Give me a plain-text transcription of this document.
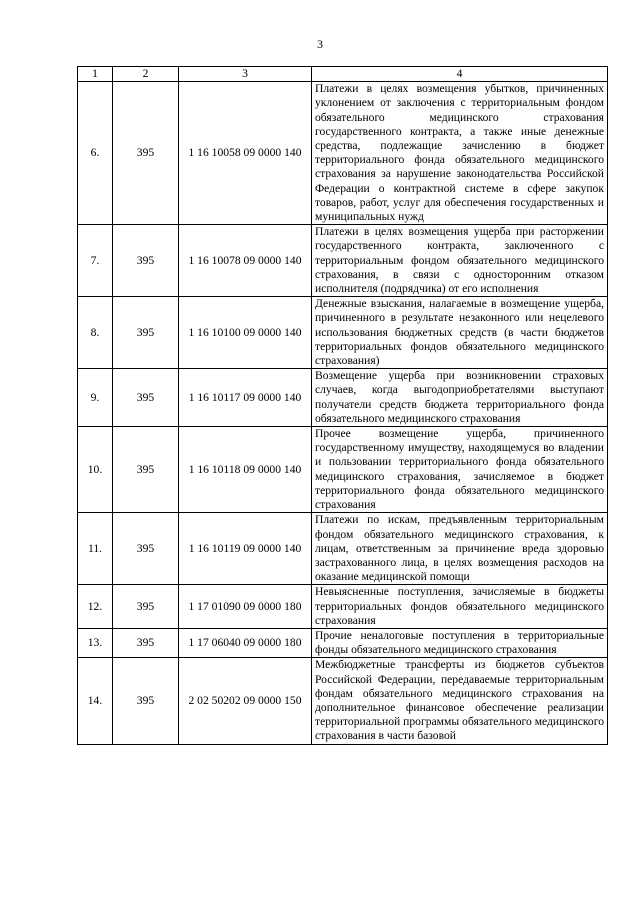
3
1	2	3	4
6.	395	1 16 10058 09 0000 140	Платежи в целях возмещения убытков, причиненных уклонением от заключения с территориальным фондом обязательного медицинского страхования государственного контракта, а также иные денежные средства, подлежащие зачислению в бюджет территориального фонда обязательного медицинского страхования за нарушение законодательства Российской Федерации о контрактной системе в сфере закупок товаров, работ, услуг для обеспечения государственных и муниципальных нужд
7.	395	1 16 10078 09 0000 140	Платежи в целях возмещения ущерба при расторжении государственного контракта, заключенного с территориальным фондом обязательного медицинского страхования, в связи с односторонним отказом исполнителя (подрядчика) от его исполнения
8.	395	1 16 10100 09 0000 140	Денежные взыскания, налагаемые в возмещение ущерба, причиненного в результате незаконного или нецелевого использования бюджетных средств (в части бюджетов территориальных фондов обязательного медицинского страхования)
9.	395	1 16 10117 09 0000 140	Возмещение ущерба при возникновении страховых случаев, когда выгодоприобретателями выступают получатели средств бюджета территориального фонда обязательного медицинского страхования
10.	395	1 16 10118 09 0000 140	Прочее возмещение ущерба, причиненного государственному имуществу, находящемуся во владении и пользовании территориального фонда обязательного медицинского страхования, зачисляемое в бюджет территориального фонда обязательного медицинского страхования
11.	395	1 16 10119 09 0000 140	Платежи по искам, предъявленным территориальным фондом обязательного медицинского страхования, к лицам, ответственным за причинение вреда здоровью застрахованного лица, в целях возмещения расходов на оказание медицинской помощи
12.	395	1 17 01090 09 0000 180	Невыясненные поступления, зачисляемые в бюджеты территориальных фондов обязательного медицинского страхования
13.	395	1 17 06040 09 0000 180	Прочие неналоговые поступления в территориальные фонды обязательного медицинского страхования
14.	395	2 02 50202 09 0000 150	Межбюджетные трансферты из бюджетов субъектов Российской Федерации, передаваемые территориальным фондам обязательного медицинского страхования на дополнительное финансовое обеспечение реализации территориальной программы обязательного медицинского страхования в части базовой
